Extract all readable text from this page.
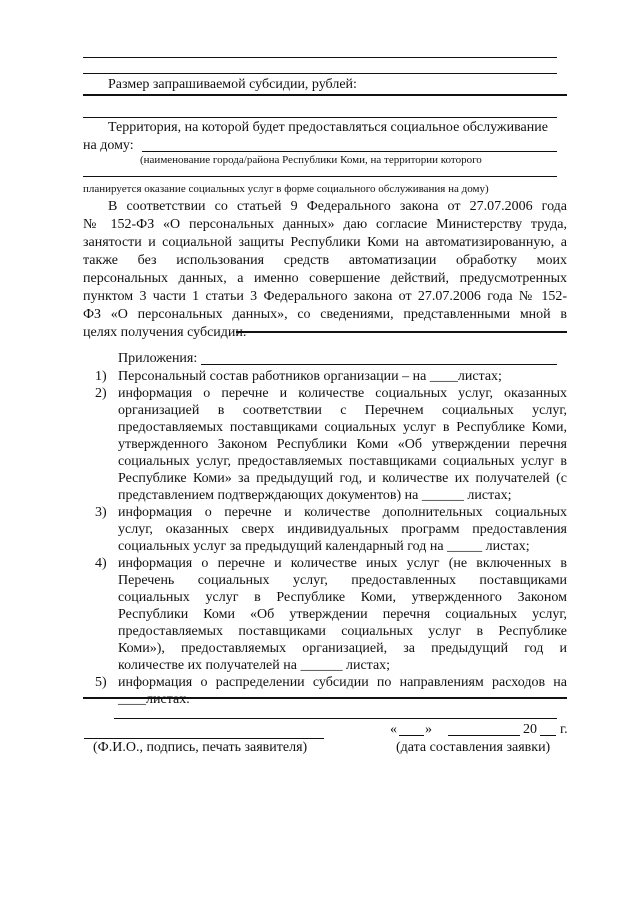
Размер запрашиваемой субсидии, рублей:
Территория, на которой будет предоставляться социальное обслуживание
на дому:
(наименование города/района Республики Коми, на территории которого
планируется оказание социальных услуг в форме социального обслуживания на дому)
В соответствии со статьей 9 Федерального закона от 27.07.2006 года
№ 152-ФЗ «О персональных данных» даю согласие Министерству труда,
занятости и социальной защиты Республики Коми на автоматизированную, а
также без использования средств автоматизации обработку моих
персональных данных, а именно совершение действий, предусмотренных
пунктом 3 части 1 статьи 3 Федерального закона от 27.07.2006 года № 152-
ФЗ «О персональных данных», со сведениями, представленными мной в
целях получения субсидии.
Приложения:
1) Персональный состав работников организации – на ____листах;
2) информация о перечне и количестве социальных услуг, оказанных
организацией в соответствии с Перечнем социальных услуг,
предоставляемых поставщиками социальных услуг в Республике Коми,
утвержденного Законом Республики Коми «Об утверждении перечня
социальных услуг, предоставляемых поставщиками социальных услуг в
Республике Коми» за предыдущий год, и количестве их получателей (с
представлением подтверждающих документов) на ______ листах;
3) информация о перечне и количестве дополнительных социальных
услуг, оказанных сверх индивидуальных программ предоставления
социальных услуг за предыдущий календарный год на _____ листах;
4) информация о перечне и количестве иных услуг (не включенных в
Перечень социальных услуг, предоставленных поставщиками
социальных услуг в Республике Коми, утвержденного Законом
Республики Коми «Об утверждении перечня социальных услуг,
предоставляемых поставщиками социальных услуг в Республике
Коми»), предоставляемых организацией, за предыдущий год и
количестве их получателей на ______ листах;
5) информация о распределении субсидии по направлениям расходов на
____листах.
« »	20 г.
(Ф.И.О., подпись, печать заявителя)	(дата составления заявки)
